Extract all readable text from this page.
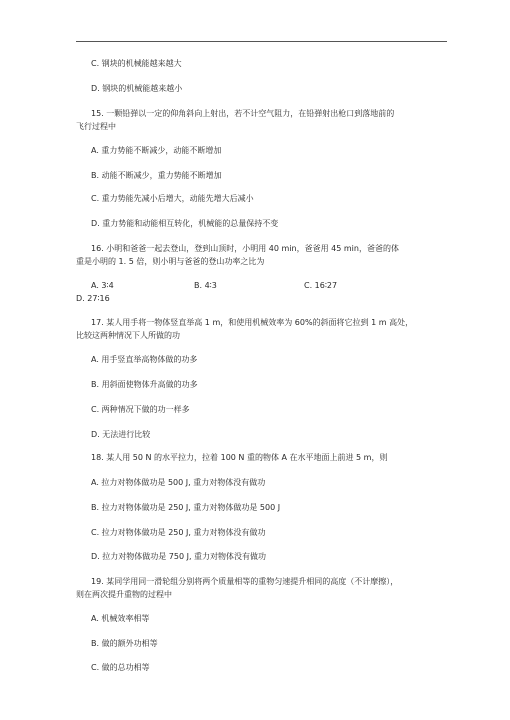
C. 钢块的机械能越来越大
D. 钢块的机械能越来越小
15. 一颗铅弹以一定的仰角斜向上射出，若不计空气阻力，在铅弹射出枪口到落地前的
飞行过程中
A. 重力势能不断减少，动能不断增加
B. 动能不断减少，重力势能不断增加
C. 重力势能先减小后增大，动能先增大后减小
D. 重力势能和动能相互转化，机械能的总量保持不变
16. 小明和爸爸一起去登山，登到山顶时，小明用 40 min，爸爸用 45 min，爸爸的体
重是小明的 1. 5 倍，则小明与爸爸的登山功率之比为
A. 3∶4	B. 4∶3	C. 16∶27
D. 27∶16
17. 某人用手将一物体竖直举高 1 m，和使用机械效率为 60%的斜面将它拉到 1 m 高处，
比较这两种情况下人所做的功
A. 用手竖直举高物体做的功多
B. 用斜面使物体升高做的功多
C. 两种情况下做的功一样多
D. 无法进行比较
18. 某人用 50 N 的水平拉力，拉着 100 N 重的物体 A 在水平地面上前进 5 m，则
A. 拉力对物体做功是 500 J, 重力对物体没有做功
B. 拉力对物体做功是 250 J, 重力对物体做功是 500 J
C. 拉力对物体做功是 250 J, 重力对物体没有做功
D. 拉力对物体做功是 750 J, 重力对物体没有做功
19. 某同学用同一滑轮组分别将两个质量相等的重物匀速提升相同的高度（不计摩擦），
则在两次提升重物的过程中
A. 机械效率相等
B. 做的额外功相等
C. 做的总功相等
